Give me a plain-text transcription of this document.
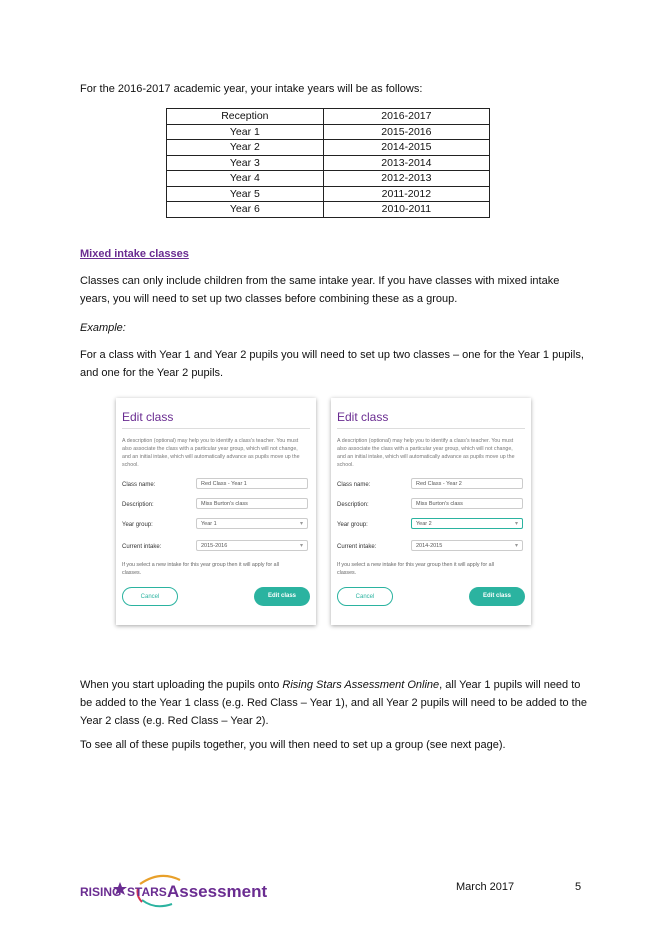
For the 2016-2017 academic year, your intake years will be as follows:
Reception	2016-2017
Year 1	2015-2016
Year 2	2014-2015
Year 3	2013-2014
Year 4	2012-2013
Year 5	2011-2012
Year 6	2010-2011
Mixed intake classes
Classes can only include children from the same intake year. If you have classes with mixed intake years, you will need to set up two classes before combining these as a group.
Example:
For a class with Year 1 and Year 2 pupils you will need to set up two classes – one for the Year 1 pupils, and one for the Year 2 pupils.
Edit class
A description (optional) may help you to identify a class's teacher. You must also associate the class with a particular year group, which will not change, and an initial intake, which will automatically advance as pupils move up the school.
Class name:	Red Class - Year 1
Description:	Miss Burton's class
Year group:	Year 1 ▾
Current intake:	2015-2016 ▾
If you select a new intake for this year group then it will apply for all classes.
Cancel	Edit class
Edit class
A description (optional) may help you to identify a class's teacher. You must also associate the class with a particular year group, which will not change, and an initial intake, which will automatically advance as pupils move up the school.
Class name:	Red Class - Year 2
Description:	Miss Burton's class
Year group:	Year 2 ▾
Current intake:	2014-2015 ▾
If you select a new intake for this year group then it will apply for all classes.
Cancel	Edit class
When you start uploading the pupils onto Rising Stars Assessment Online, all Year 1 pupils will need to be added to the Year 1 class (e.g. Red Class – Year 1), and all Year 2 pupils will need to be added to the Year 2 class (e.g. Red Class – Year 2).
To see all of these pupils together, you will then need to set up a group (see next page).
RISING STARS Assessment	March 2017	5
